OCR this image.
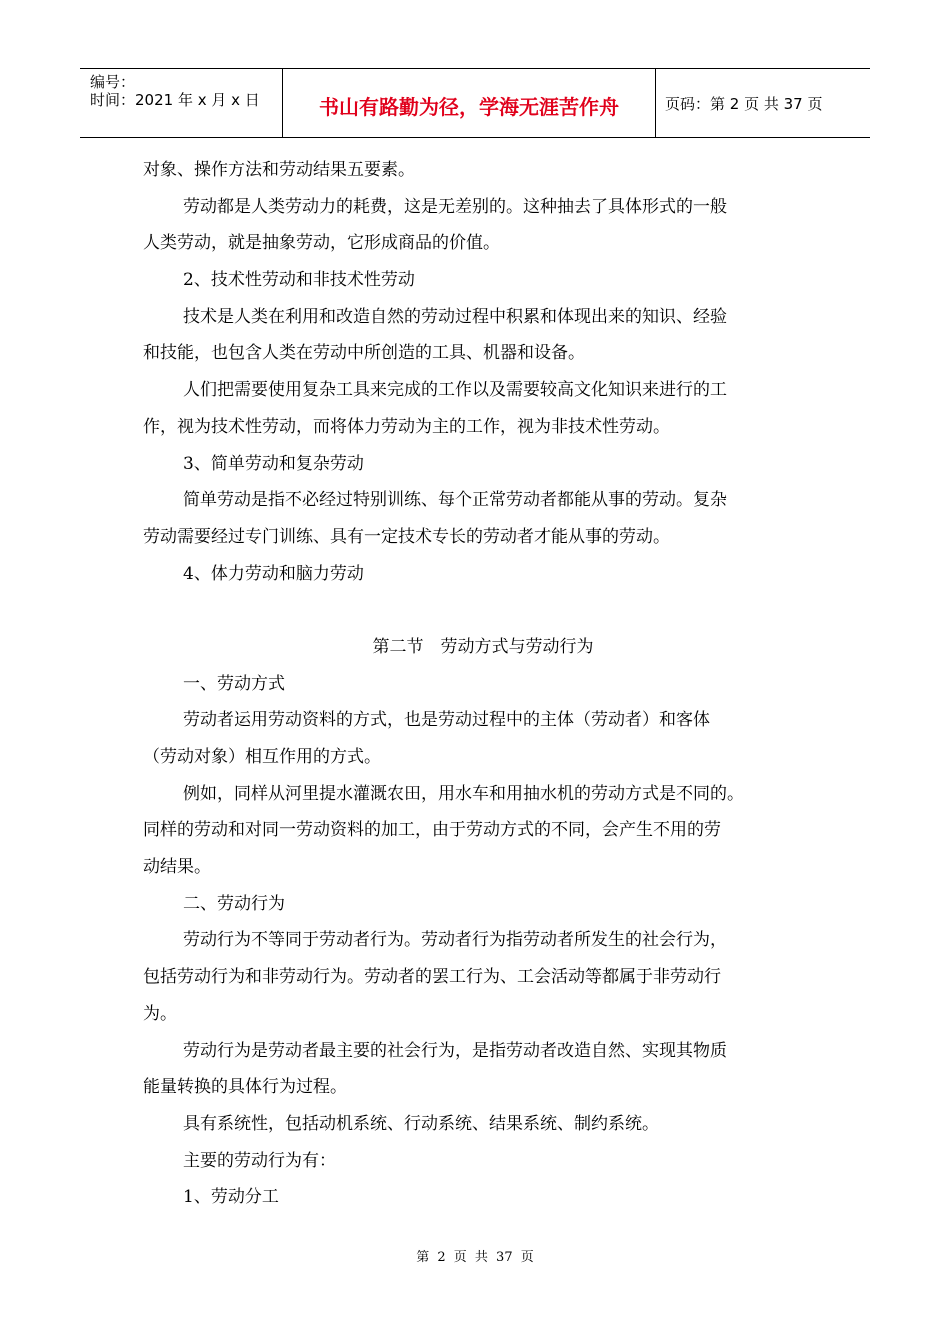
编号：
时间：2021 年 x 月 x 日	书山有路勤为径，学海无涯苦作舟	页码：第 2 页 共 37 页
对象、操作方法和劳动结果五要素。
劳动都是人类劳动力的耗费，这是无差别的。这种抽去了具体形式的一般
人类劳动，就是抽象劳动，它形成商品的价值。
2、技术性劳动和非技术性劳动
技术是人类在利用和改造自然的劳动过程中积累和体现出来的知识、经验
和技能，也包含人类在劳动中所创造的工具、机器和设备。
人们把需要使用复杂工具来完成的工作以及需要较高文化知识来进行的工
作，视为技术性劳动，而将体力劳动为主的工作，视为非技术性劳动。
3、简单劳动和复杂劳动
简单劳动是指不必经过特别训练、每个正常劳动者都能从事的劳动。复杂
劳动需要经过专门训练、具有一定技术专长的劳动者才能从事的劳动。
4、体力劳动和脑力劳动
第二节　劳动方式与劳动行为
一、劳动方式
劳动者运用劳动资料的方式，也是劳动过程中的主体（劳动者）和客体
（劳动对象）相互作用的方式。
例如，同样从河里提水灌溉农田，用水车和用抽水机的劳动方式是不同的。
同样的劳动和对同一劳动资料的加工，由于劳动方式的不同，会产生不用的劳
动结果。
二、劳动行为
劳动行为不等同于劳动者行为。劳动者行为指劳动者所发生的社会行为，
包括劳动行为和非劳动行为。劳动者的罢工行为、工会活动等都属于非劳动行
为。
劳动行为是劳动者最主要的社会行为，是指劳动者改造自然、实现其物质
能量转换的具体行为过程。
具有系统性，包括动机系统、行动系统、结果系统、制约系统。
主要的劳动行为有：
1、劳动分工
第 2 页 共 37 页
